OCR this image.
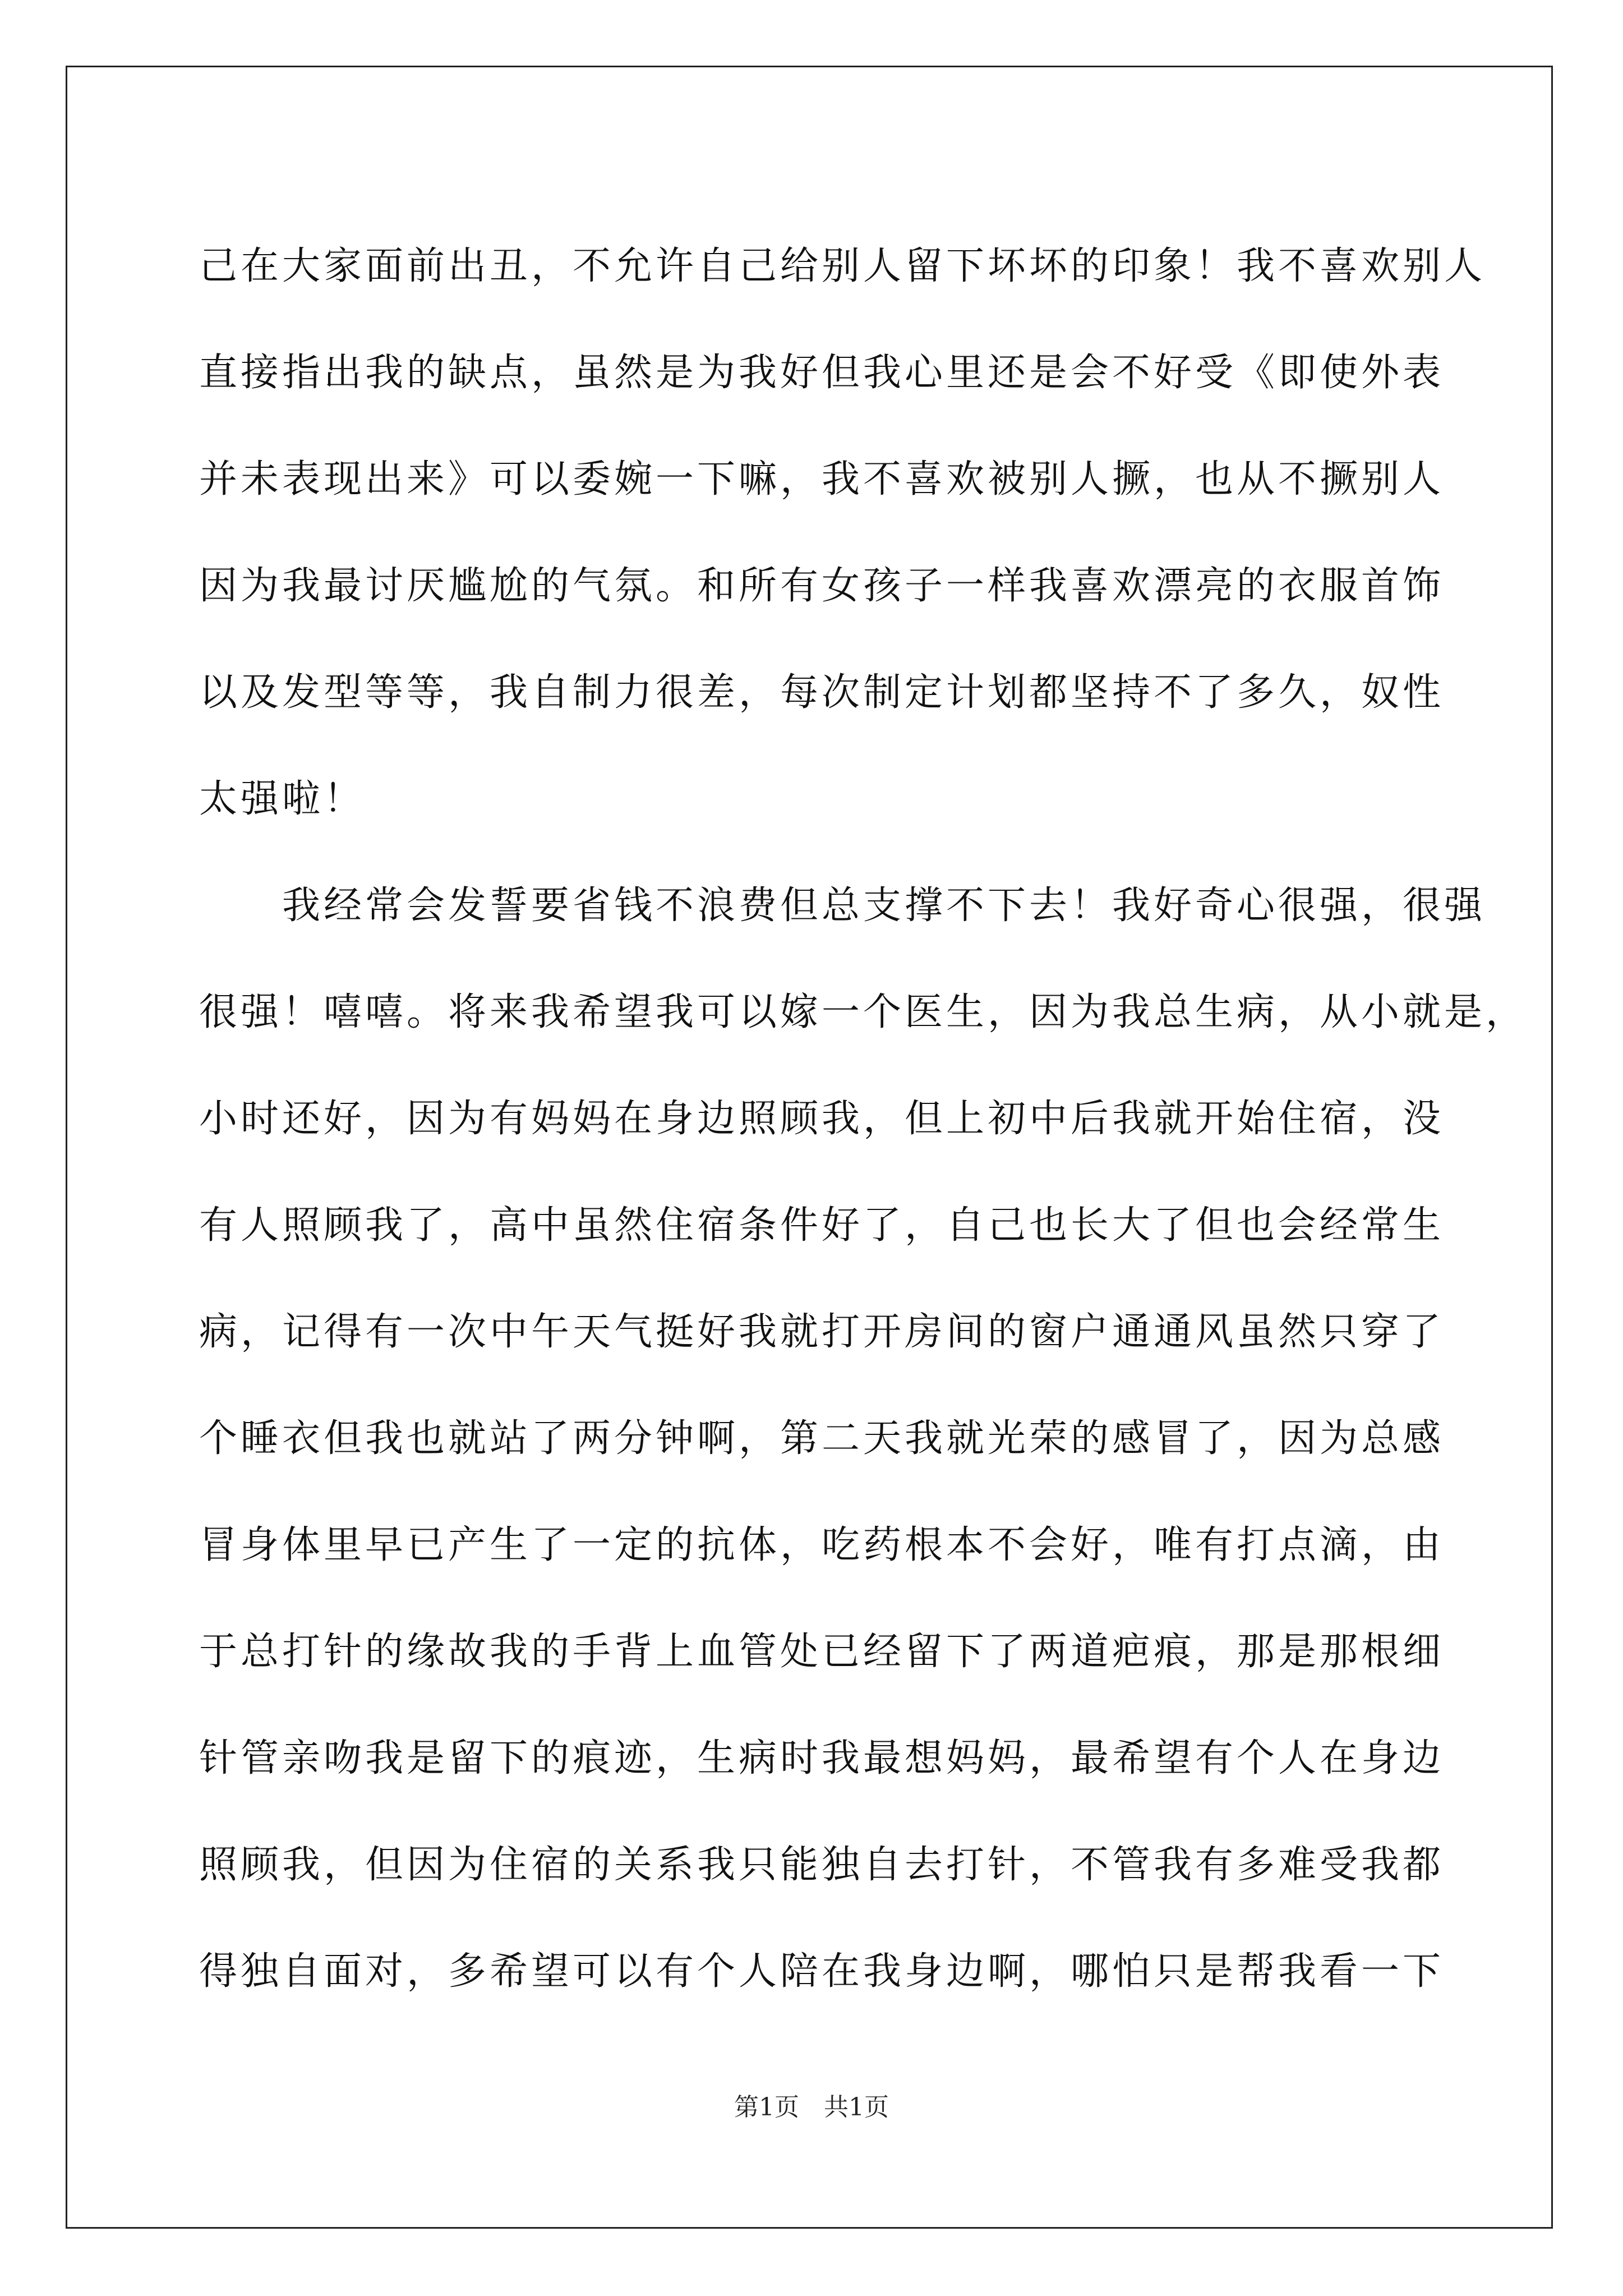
己在大家面前出丑，不允许自己给别人留下坏坏的印象！我不喜欢别人
直接指出我的缺点，虽然是为我好但我心里还是会不好受《即使外表
并未表现出来》可以委婉一下嘛，我不喜欢被别人撅，也从不撅别人
因为我最讨厌尴尬的气氛。和所有女孩子一样我喜欢漂亮的衣服首饰
以及发型等等，我自制力很差，每次制定计划都坚持不了多久，奴性
太强啦！
　　我经常会发誓要省钱不浪费但总支撑不下去！我好奇心很强，很强
很强！嘻嘻。将来我希望我可以嫁一个医生，因为我总生病，从小就是，
小时还好，因为有妈妈在身边照顾我，但上初中后我就开始住宿，没
有人照顾我了，高中虽然住宿条件好了，自己也长大了但也会经常生
病，记得有一次中午天气挺好我就打开房间的窗户通通风虽然只穿了
个睡衣但我也就站了两分钟啊，第二天我就光荣的感冒了，因为总感
冒身体里早已产生了一定的抗体，吃药根本不会好，唯有打点滴，由
于总打针的缘故我的手背上血管处已经留下了两道疤痕，那是那根细
针管亲吻我是留下的痕迹，生病时我最想妈妈，最希望有个人在身边
照顾我，但因为住宿的关系我只能独自去打针，不管我有多难受我都
得独自面对，多希望可以有个人陪在我身边啊，哪怕只是帮我看一下
第1页　共1页
